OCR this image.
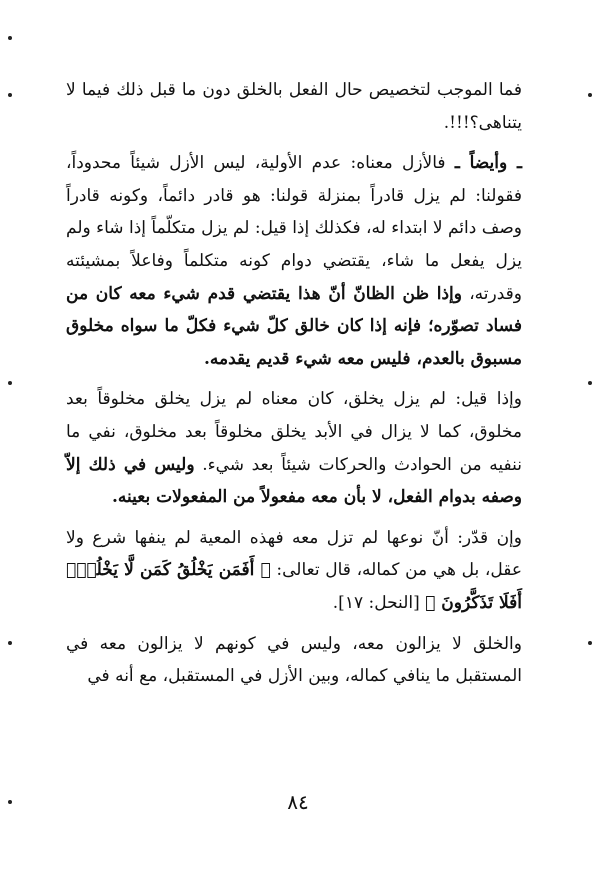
فما الموجب لتخصيص حال الفعل بالخلق دون ما قبل ذلك فيما لا يتناهى؟!!!.

ـ وأيضاً ـ فالأزل معناه: عدم الأولية، ليس الأزل شيئاً محدوداً، فقولنا: لم يزل قادراً بمنزلة قولنا: هو قادر دائماً، وكونه قادراً وصف دائم لا ابتداء له، فكذلك إذا قيل: لم يزل متكلّماً إذا شاء ولم يزل يفعل ما شاء، يقتضي دوام كونه متكلماً وفاعلاً بمشيئته وقدرته، وإذا ظن الظانّ أنّ هذا يقتضي قدم شيء معه كان من فساد تصوّره؛ فإنه إذا كان خالق كلّ شيء فكلّ ما سواه مخلوق مسبوق بالعدم، فليس معه شيء قديم يقدمه.

وإذا قيل: لم يزل يخلق، كان معناه لم يزل يخلق مخلوقاً بعد مخلوق، كما لا يزال في الأبد يخلق مخلوقاً بعد مخلوق، نفي ما ننفيه من الحوادث والحركات شيئاً بعد شيء. وليس في ذلك إلاّ وصفه بدوام الفعل، لا بأن معه مفعولاً من المفعولات بعينه.

وإن قدّر: أنّ نوعها لم تزل معه فهذه المعية لم ينفها شرع ولا عقل، بل هي من كماله، قال تعالى: ﴿ أَفَمَن يَخْلُقُ كَمَن لَّا يَخْلُقُۚ أَفَلَا تَذَكَّرُونَ ﴾ [النحل: ١٧].

والخلق لا يزالون معه، وليس في كونهم لا يزالون معه في المستقبل ما ينافي كماله، وبين الأزل في المستقبل، مع أنه في

٨٤
